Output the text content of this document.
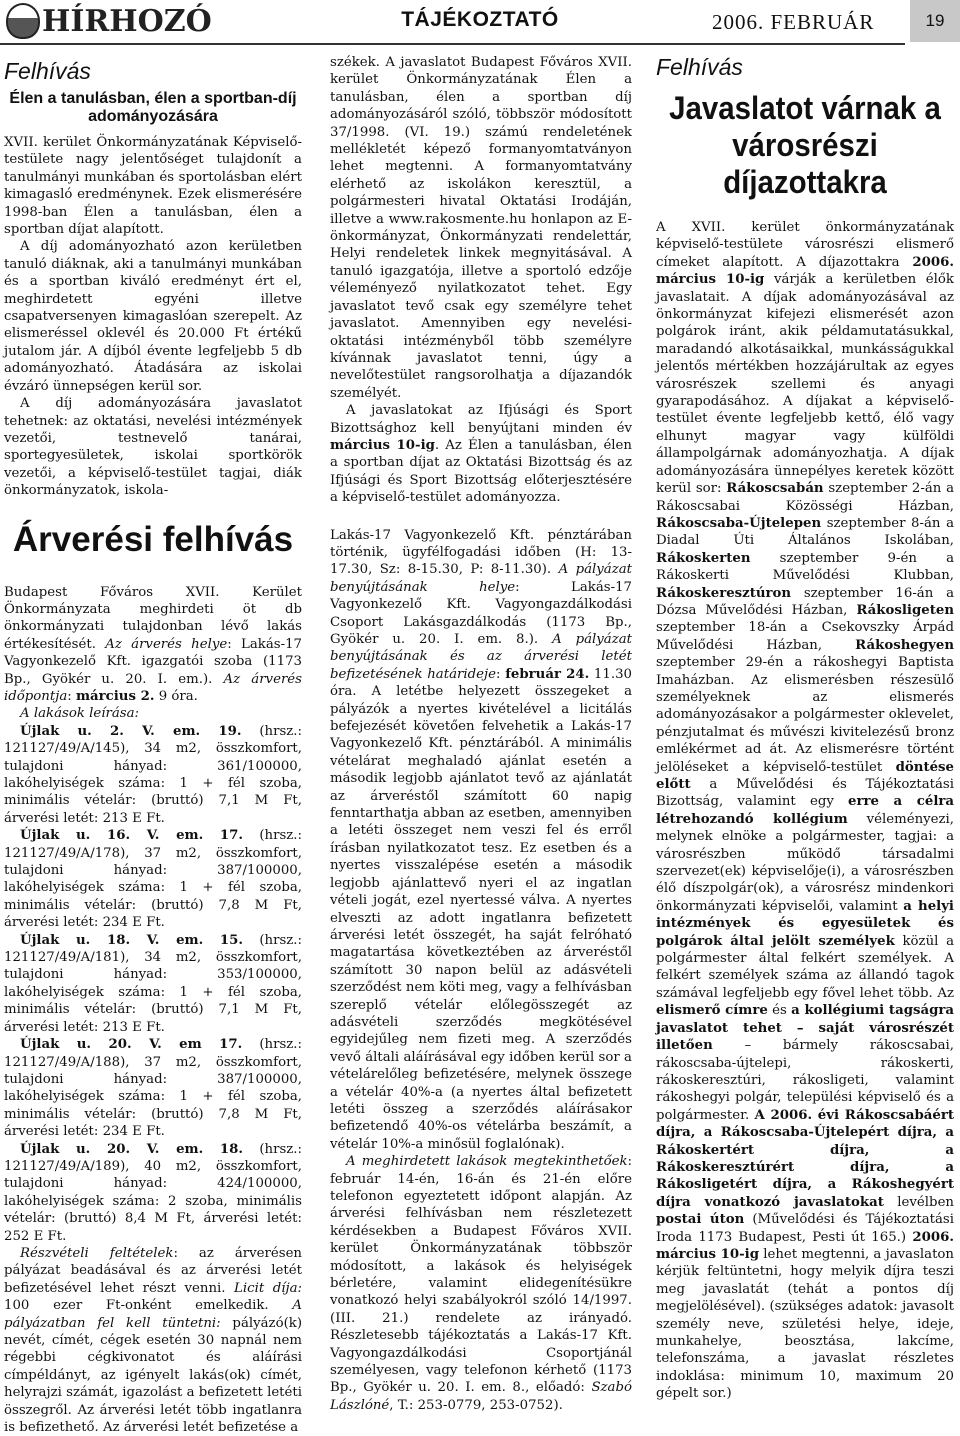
HÍRHOZÓ	TÁJÉKOZTATÓ	2006. FEBRUÁR	19
Felhívás
Élen a tanulásban, élen a sportban-díj adományozására

XVII. kerület Önkormányzatának Képviselő-testülete nagy jelentőséget tulajdonít a tanulmányi munkában és sportolásban elért kimagasló eredménynek. Ezek elismerésére 1998-ban Élen a tanulásban, élen a sportban díjat alapított.

A díj adományozható azon kerületben tanuló diáknak, aki a tanulmányi munkában és a sportban kiváló eredményt ért el, meghirdetett egyéni illetve csapatversenyen kimagaslóan szerepelt. Az elismeréssel oklevél és 20.000 Ft értékű jutalom jár. A díjból évente legfeljebb 5 db adományozható. Átadására az iskolai évzáró ünnepségen kerül sor.

A díj adományozására javaslatot tehetnek: az oktatási, nevelési intézmények vezetői, testnevelő tanárai, sportegyesületek, iskolai sportkörök vezetői, a képviselő-testület tagjai, diák önkormányzatok, iskola-

Árverési felhívás

Budapest Főváros XVII. Kerület Önkormányzata meghirdeti öt db önkormányzati tulajdonban lévő lakás értékesítését. Az árverés helye: Lakás-17 Vagyonkezelő Kft. igazgatói szoba (1173 Bp., Gyökér u. 20. I. em.). Az árverés időpontja: március 2. 9 óra.

A lakások leírása:

Újlak u. 2. V. em. 19. (hrsz.: 121127/49/A/145), 34 m2, összkomfort, tulajdoni hányad: 361/100000, lakóhelyiségek száma: 1 + fél szoba, minimális vételár: (bruttó) 7,1 M Ft, árverési letét: 213 E Ft.

Újlak u. 16. V. em. 17. (hrsz.: 121127/49/A/178), 37 m2, összkomfort, tulajdoni hányad: 387/100000, lakóhelyiségek száma: 1 + fél szoba, minimális vételár: (bruttó) 7,8 M Ft, árverési letét: 234 E Ft.

Újlak u. 18. V. em. 15. (hrsz.: 121127/49/A/181), 34 m2, összkomfort, tulajdoni hányad: 353/100000, lakóhelyiségek száma: 1 + fél szoba, minimális vételár: (bruttó) 7,1 M Ft, árverési letét: 213 E Ft.

Újlak u. 20. V. em 17. (hrsz.: 121127/49/A/188), 37 m2, összkomfort, tulajdoni hányad: 387/100000, lakóhelyiségek száma: 1 + fél szoba, minimális vételár: (bruttó) 7,8 M Ft, árverési letét: 234 E Ft.

Újlak u. 20. V. em. 18. (hrsz.: 121127/49/A/189), 40 m2, összkomfort, tulajdoni hányad: 424/100000, lakóhelyiségek száma: 2 szoba, minimális vételár: (bruttó) 8,4 M Ft, árverési letét: 252 E Ft.

Részvételi feltételek: az árverésen pályázat beadásával és az árverési letét befizetésével lehet részt venni. Licit díja: 100 ezer Ft-onként emelkedik. A pályázatban fel kell tüntetni: pályázó(k) nevét, címét, cégek esetén 30 napnál nem régebbi cégkivonatot és aláírási címpéldányt, az igényelt lakás(ok) címét, helyrajzi számát, igazolást a befizetett letéti összegről. Az árverési letét több ingatlanra is befizethető. Az árverési letét befizetése a

székek. A javaslatot Budapest Főváros XVII. kerület Önkormányzatának Élen a tanulásban, élen a sportban díj adományozásáról szóló, többször módosított 37/1998. (VI. 19.) számú rendeletének mellékletét képező formanyomtatványon lehet megtenni. A formanyomtatvány elérhető az iskolákon keresztül, a polgármesteri hivatal Oktatási Irodáján, illetve a www.rakosmente.hu honlapon az E-önkormányzat, Önkormányzati rendelettár, Helyi rendeletek linkek megnyitásával. A tanuló igazgatója, illetve a sportoló edzője véleményező nyilatkozatot tehet. Egy javaslatot tevő csak egy személyre tehet javaslatot. Amennyiben egy nevelési-oktatási intézményből több személyre kívánnak javaslatot tenni, úgy a nevelőtestület rangsorolhatja a díjazandók személyét.

A javaslatokat az Ifjúsági és Sport Bizottsághoz kell benyújtani minden év március 10-ig. Az Élen a tanulásban, élen a sportban díjat az Oktatási Bizottság és az Ifjúsági és Sport Bizottság előterjesztésére a képviselő-testület adományozza.

Lakás-17 Vagyonkezelő Kft. pénztárában történik, ügyfélfogadási időben (H: 13-17.30, Sz: 8-15.30, P: 8-11.30). A pályázat benyújtásának helye: Lakás-17 Vagyonkezelő Kft. Vagyongazdálkodási Csoport Lakásgazdálkodás (1173 Bp., Gyökér u. 20. I. em. 8.). A pályázat benyújtásának és az árverési letét befizetésének határideje: február 24. 11.30 óra. A letétbe helyezett összegeket a pályázók a nyertes kivételével a licitálás befejezését követően felvehetik a Lakás-17 Vagyonkezelő Kft. pénztárából. A minimális vételárat meghaladó ajánlat esetén a második legjobb ajánlatot tevő az ajánlatát az árveréstől számított 60 napig fenntarthatja abban az esetben, amennyiben a letéti összeget nem veszi fel és erről írásban nyilatkozatot tesz. Ez esetben és a nyertes visszalépése esetén a második legjobb ajánlattevő nyeri el az ingatlan vételi jogát, ezel nyertessé válva. A nyertes elveszti az adott ingatlanra befizetett árverési letét összegét, ha saját felróható magatartása következtében az árveréstől számított 30 napon belül az adásvételi szerződést nem köti meg, vagy a felhívásban szereplő vételár előlegösszegét az adásvételi szerződés megkötésével egyidejűleg nem fizeti meg. A szerződés vevő általi aláírásával egy időben kerül sor a vételárelőleg befizetésére, melynek összege a vételár 40%-a (a nyertes által befizetett letéti összeg a szerződés aláírásakor befizetendő 40%-os vételárba beszámít, a vételár 10%-a minősül foglalónak).

A meghirdetett lakások megtekinthetőek: február 14-én, 16-án és 21-én előre telefonon egyeztetett időpont alapján. Az árverési felhívásban nem részletezett kérdésekben a Budapest Főváros XVII. kerület Önkormányzatának többször módosított, a lakások és helyiségek bérletére, valamint elidegenítésükre vonatkozó helyi szabályokról szóló 14/1997. (III. 21.) rendelete az irányadó. Részletesebb tájékoztatás a Lakás-17 Kft. Vagyongazdálkodási Csoportjánál személyesen, vagy telefonon kérhető (1173 Bp., Gyökér u. 20. I. em. 8., előadó: Szabó Lászlóné, T.: 253-0779, 253-0752).

Felhívás
Javaslatot várnak a városrészi díjazottakra

A XVII. kerület önkormányzatának képviselő-testülete városrészi elismerő címeket alapított. A díjazottakra 2006. március 10-ig várják a kerületben élők javaslatait. A díjak adományozásával az önkormányzat kifejezi elismerését azon polgárok iránt, akik példamutatásukkal, maradandó alkotásaikkal, munkásságukkal jelentős mértékben hozzájárultak az egyes városrészek szellemi és anyagi gyarapodásához. A díjakat a képviselő-testület évente legfeljebb kettő, élő vagy elhunyt magyar vagy külföldi állampolgárnak adományozhatja. A díjak adományozására ünnepélyes keretek között kerül sor: Rákoscsabán szeptember 2-án a Rákoscsabai Közösségi Házban, Rákoscsaba-Újtelepen szeptember 8-án a Diadal Úti Általános Iskolában, Rákoskerten szeptember 9-én a Rákoskerti Művelődési Klubban, Rákoskeresztúron szeptember 16-án a Dózsa Művelődési Házban, Rákosligeten szeptember 18-án a Csekovszky Árpád Művelődési Házban, Rákoshegyen szeptember 29-én a rákoshegyi Baptista Imaházban. Az elismerésben részesülő személyeknek az elismerés adományozásakor a polgármester oklevelet, pénzjutalmat és művészi kivitelezésű bronz emlékérmet ad át. Az elismerésre történt jelöléseket a képviselő-testület döntése előtt a Művelődési és Tájékoztatási Bizottság, valamint egy erre a célra létrehozandó kollégium véleményezi, melynek elnöke a polgármester, tagjai: a városrészben működő társadalmi szervezet(ek) képviselője(i), a városrészben élő díszpolgár(ok), a városrész mindenkori önkormányzati képviselői, valamint a helyi intézmények és egyesületek és polgárok által jelölt személyek közül a polgármester által felkért személyek. A felkért személyek száma az állandó tagok számával legfeljebb egy fővel lehet több. Az elismerő címre és a kollégiumi tagságra javaslatot tehet – saját városrészét illetően – bármely rákoscsabai, rákoscsaba-újtelepi, rákoskerti, rákoskeresztúri, rákosligeti, valamint rákoshegyi polgár, települési képviselő és a polgármester. A 2006. évi Rákoscsabáért díjra, a Rákoscsaba-Újtelepért díjra, a Rákoskertért díjra, a Rákoskeresztúrért díjra, a Rákosligetért díjra, a Rákoshegyért díjra vonatkozó javaslatokat levélben postai úton (Művelődési és Tájékoztatási Iroda 1173 Budapest, Pesti út 165.) 2006. március 10-ig lehet megtenni, a javaslaton kérjük feltüntetni, hogy melyik díjra teszi meg javaslatát (tehát a pontos díj megjelölésével). (szükséges adatok: javasolt személy neve, születési helye, ideje, munkahelye, beosztása, lakcíme, telefonszáma, a javaslat részletes indoklása: minimum 10, maximum 20 gépelt sor.)
